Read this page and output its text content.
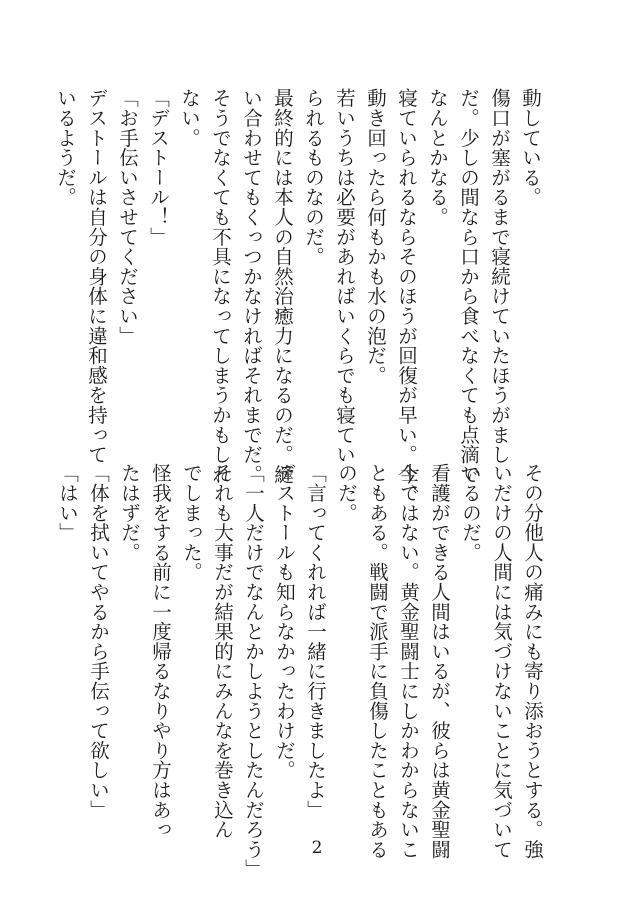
動している。
傷口が塞がるまで寝続けていたほうがまし
だ。少しの間なら口から食べなくても点滴で
なんとかなる。
寝ていられるならそのほうが回復が早い。今、
動き回ったら何もかも水の泡だ。
若いうちは必要があればいくらでも寝てい
られるものなのだ。
最終的には本人の自然治癒力になるのだ。縫
い合わせてもくっつかなければそれまでだ。
そうでなくても不具になってしまうかもしれ
ない。
「デストール！」
「お手伝いさせてください」
デストールは自分の身体に違和感を持って
いるようだ。
その分他人の痛みにも寄り添おうとする。強
いだけの人間には気づけないことに気づいて
いるのだ。
看護ができる人間はいるが、彼らは黄金聖闘
士ではない。黄金聖闘士にしかわからないこ
ともある。戦闘で派手に負傷したこともある
のだ。
「言ってくれれば一緒に行きましたよ」
デストールも知らなかったわけだ。
「一人だけでなんとかしようとしたんだろう」
それも大事だが結果的にみんなを巻き込ん
でしまった。
怪我をする前に一度帰るなりやり方はあっ
たはずだ。
「体を拭いてやるから手伝って欲しい」
「はい」
2
